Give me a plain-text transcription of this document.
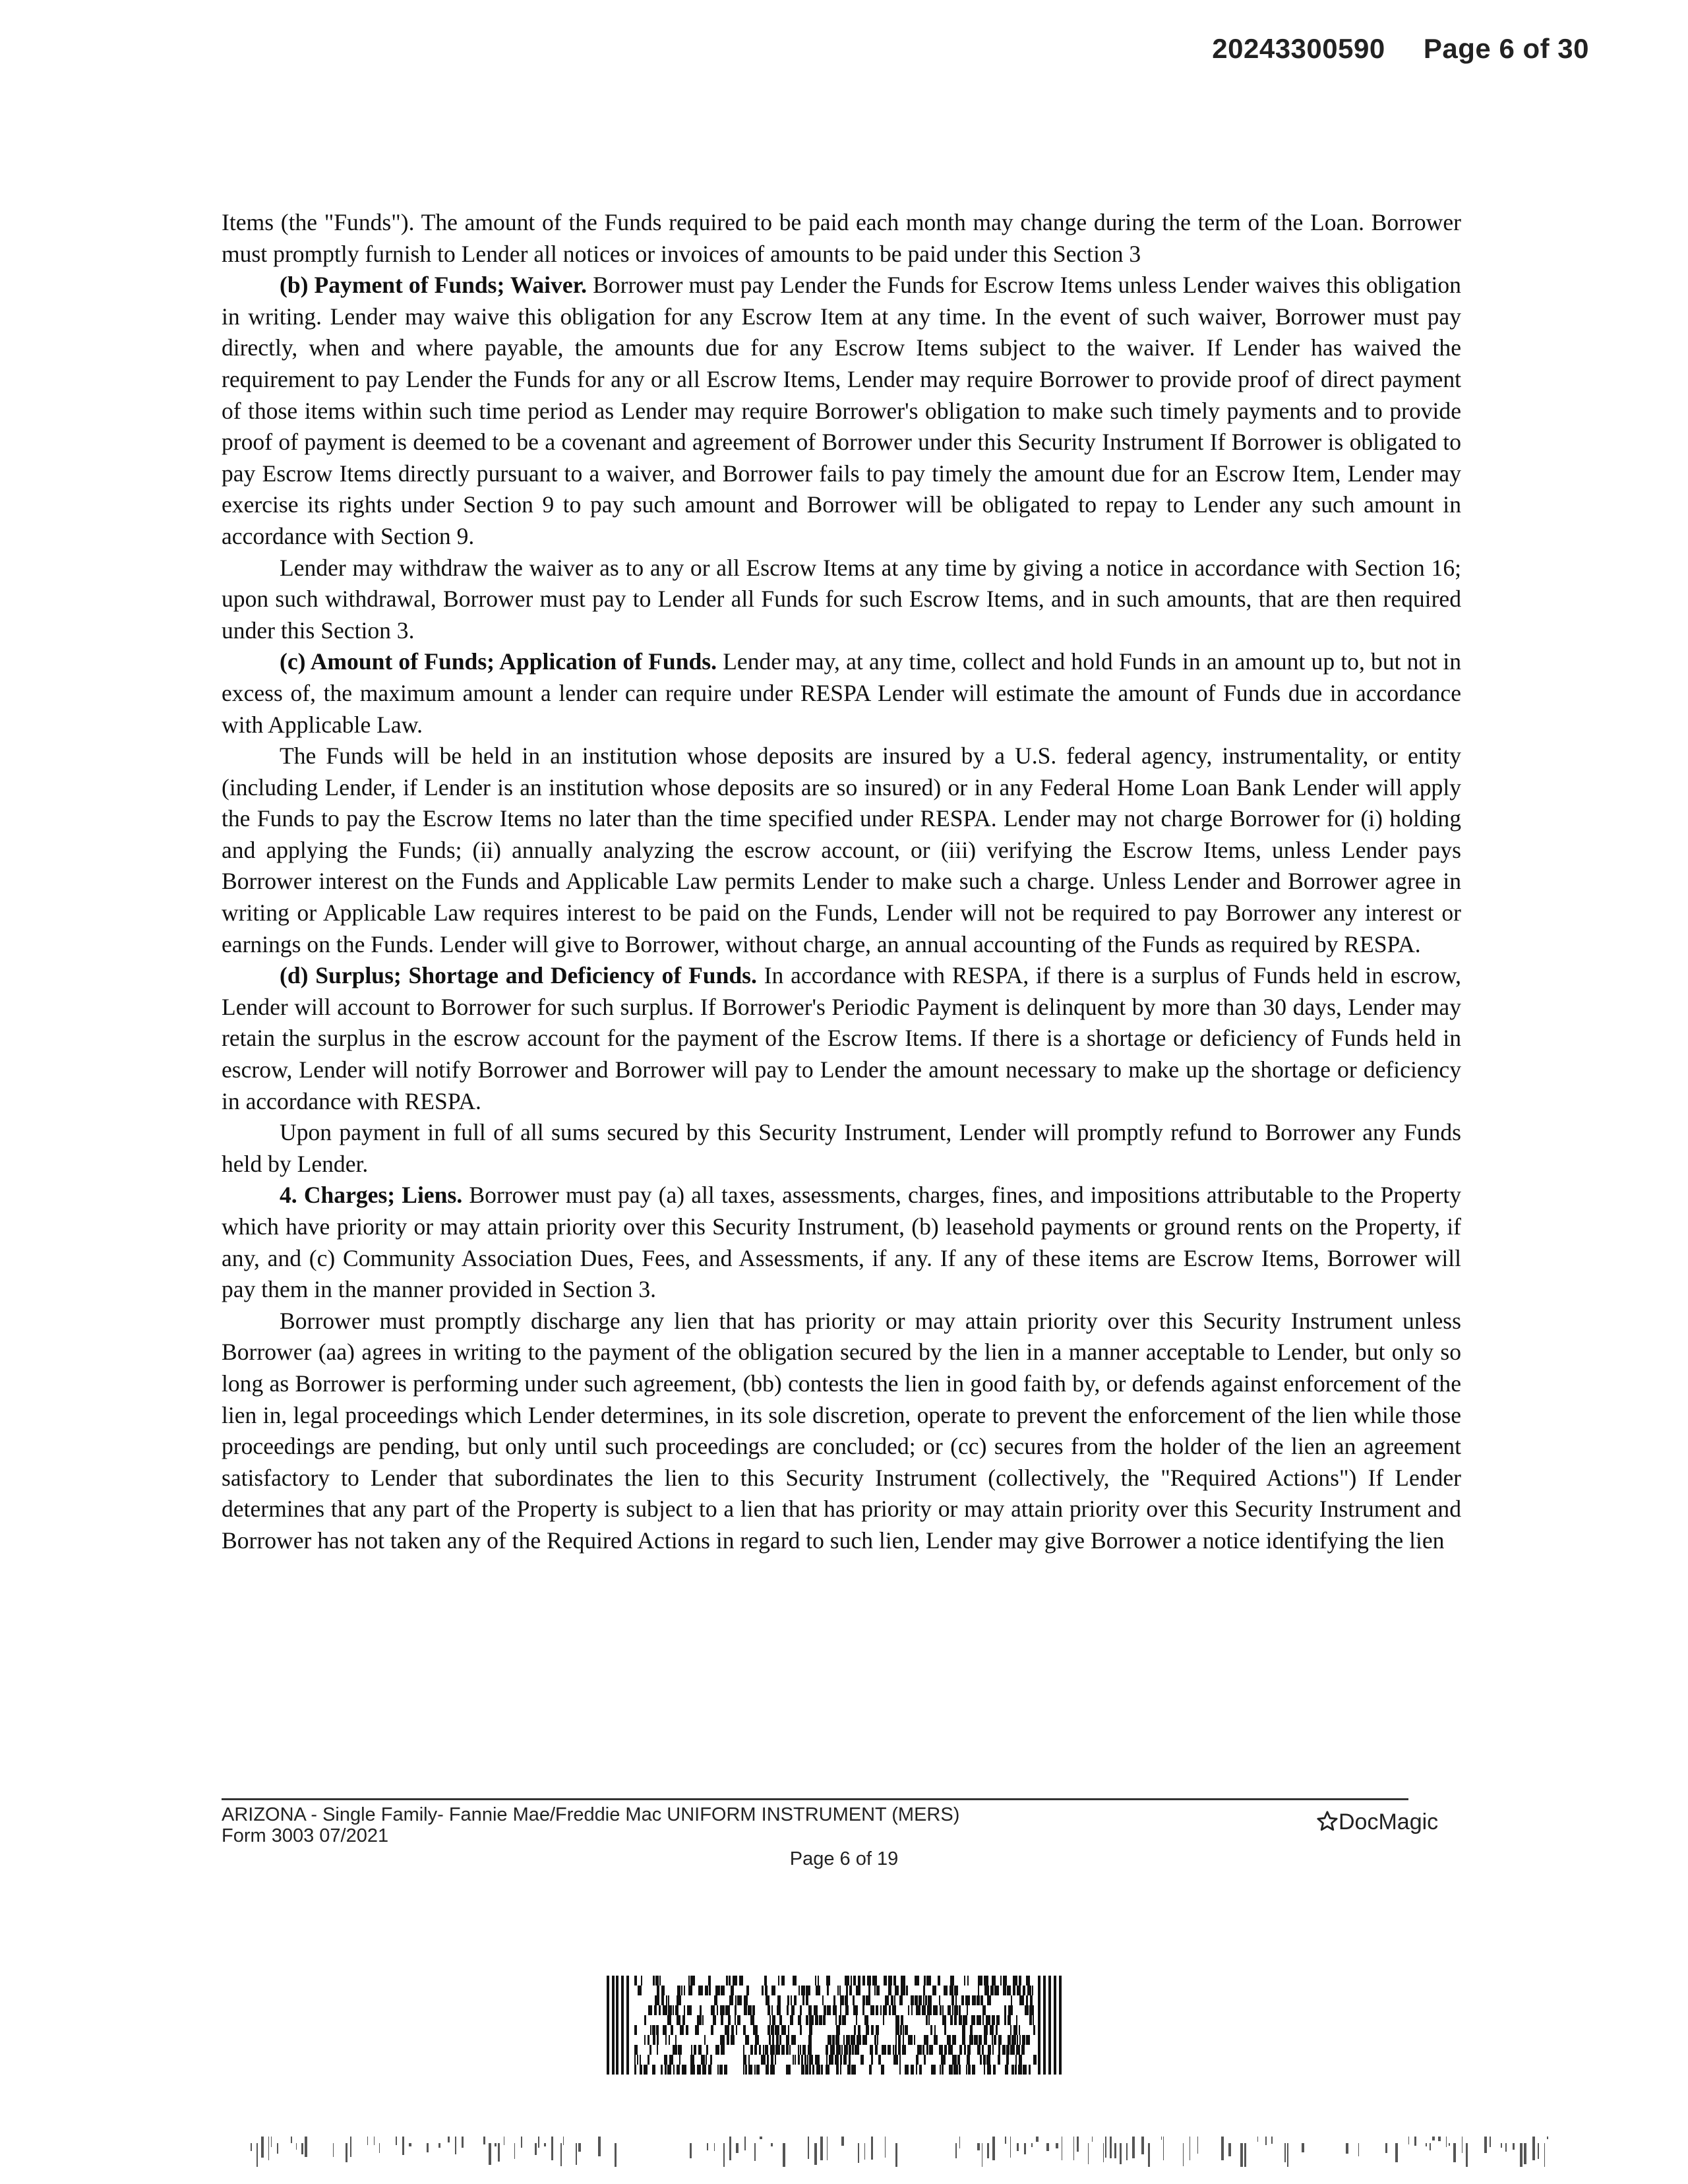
20243300590 Page 6 of 30

Items (the "Funds"). The amount of the Funds required to be paid each month may change during the term of the Loan. Borrower must promptly furnish to Lender all notices or invoices of amounts to be paid under this Section 3

(b) Payment of Funds; Waiver. Borrower must pay Lender the Funds for Escrow Items unless Lender waives this obligation in writing. Lender may waive this obligation for any Escrow Item at any time. In the event of such waiver, Borrower must pay directly, when and where payable, the amounts due for any Escrow Items subject to the waiver. If Lender has waived the requirement to pay Lender the Funds for any or all Escrow Items, Lender may require Borrower to provide proof of direct payment of those items within such time period as Lender may require Borrower's obligation to make such timely payments and to provide proof of payment is deemed to be a covenant and agreement of Borrower under this Security Instrument If Borrower is obligated to pay Escrow Items directly pursuant to a waiver, and Borrower fails to pay timely the amount due for an Escrow Item, Lender may exercise its rights under Section 9 to pay such amount and Borrower will be obligated to repay to Lender any such amount in accordance with Section 9.

Lender may withdraw the waiver as to any or all Escrow Items at any time by giving a notice in accordance with Section 16; upon such withdrawal, Borrower must pay to Lender all Funds for such Escrow Items, and in such amounts, that are then required under this Section 3.

(c) Amount of Funds; Application of Funds. Lender may, at any time, collect and hold Funds in an amount up to, but not in excess of, the maximum amount a lender can require under RESPA Lender will estimate the amount of Funds due in accordance with Applicable Law.

The Funds will be held in an institution whose deposits are insured by a U.S. federal agency, instrumentality, or entity (including Lender, if Lender is an institution whose deposits are so insured) or in any Federal Home Loan Bank Lender will apply the Funds to pay the Escrow Items no later than the time specified under RESPA. Lender may not charge Borrower for (i) holding and applying the Funds; (ii) annually analyzing the escrow account, or (iii) verifying the Escrow Items, unless Lender pays Borrower interest on the Funds and Applicable Law permits Lender to make such a charge. Unless Lender and Borrower agree in writing or Applicable Law requires interest to be paid on the Funds, Lender will not be required to pay Borrower any interest or earnings on the Funds. Lender will give to Borrower, without charge, an annual accounting of the Funds as required by RESPA.

(d) Surplus; Shortage and Deficiency of Funds. In accordance with RESPA, if there is a surplus of Funds held in escrow, Lender will account to Borrower for such surplus. If Borrower's Periodic Payment is delinquent by more than 30 days, Lender may retain the surplus in the escrow account for the payment of the Escrow Items. If there is a shortage or deficiency of Funds held in escrow, Lender will notify Borrower and Borrower will pay to Lender the amount necessary to make up the shortage or deficiency in accordance with RESPA.

Upon payment in full of all sums secured by this Security Instrument, Lender will promptly refund to Borrower any Funds held by Lender.

4. Charges; Liens. Borrower must pay (a) all taxes, assessments, charges, fines, and impositions attributable to the Property which have priority or may attain priority over this Security Instrument, (b) leasehold payments or ground rents on the Property, if any, and (c) Community Association Dues, Fees, and Assessments, if any. If any of these items are Escrow Items, Borrower will pay them in the manner provided in Section 3.

Borrower must promptly discharge any lien that has priority or may attain priority over this Security Instrument unless Borrower (aa) agrees in writing to the payment of the obligation secured by the lien in a manner acceptable to Lender, but only so long as Borrower is performing under such agreement, (bb) contests the lien in good faith by, or defends against enforcement of the lien in, legal proceedings which Lender determines, in its sole discretion, operate to prevent the enforcement of the lien while those proceedings are pending, but only until such proceedings are concluded; or (cc) secures from the holder of the lien an agreement satisfactory to Lender that subordinates the lien to this Security Instrument (collectively, the "Required Actions") If Lender determines that any part of the Property is subject to a lien that has priority or may attain priority over this Security Instrument and Borrower has not taken any of the Required Actions in regard to such lien, Lender may give Borrower a notice identifying the lien

ARIZONA - Single Family- Fannie Mae/Freddie Mac UNIFORM INSTRUMENT (MERS)
Form 3003 07/2021
DocMagic
Page 6 of 19
